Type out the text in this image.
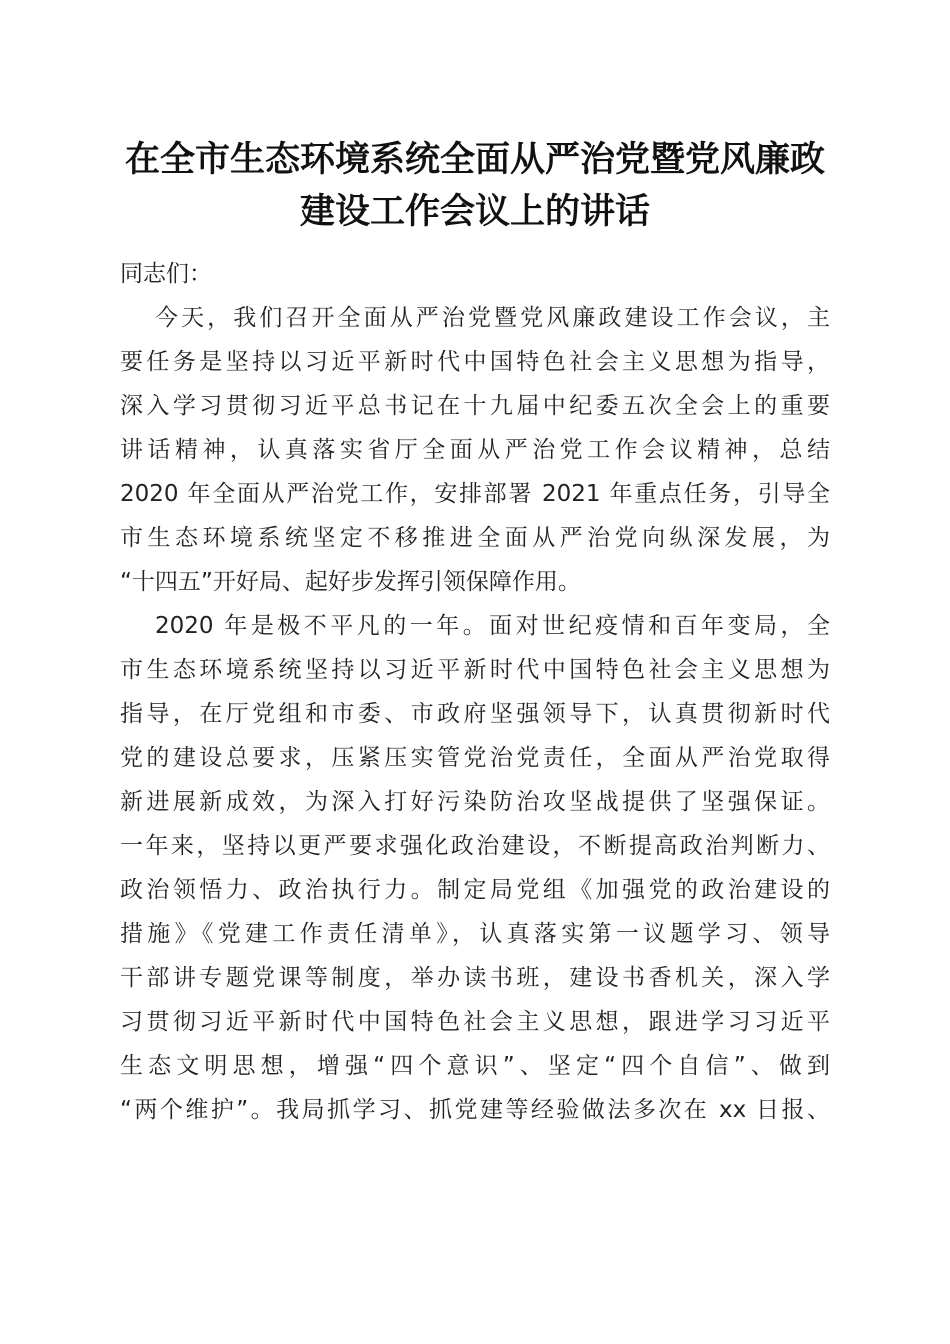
在全市生态环境系统全面从严治党暨党风廉政
建设工作会议上的讲话
同志们：
今天，我们召开全面从严治党暨党风廉政建设工作会议，主
要任务是坚持以习近平新时代中国特色社会主义思想为指导，
深入学习贯彻习近平总书记在十九届中纪委五次全会上的重要
讲话精神，认真落实省厅全面从严治党工作会议精神，总结
2020 年全面从严治党工作，安排部署 2021 年重点任务，引导全
市生态环境系统坚定不移推进全面从严治党向纵深发展，为
“十四五”开好局、起好步发挥引领保障作用。
2020 年是极不平凡的一年。面对世纪疫情和百年变局，全
市生态环境系统坚持以习近平新时代中国特色社会主义思想为
指导，在厅党组和市委、市政府坚强领导下，认真贯彻新时代
党的建设总要求，压紧压实管党治党责任，全面从严治党取得
新进展新成效，为深入打好污染防治攻坚战提供了坚强保证。
一年来，坚持以更严要求强化政治建设，不断提高政治判断力、
政治领悟力、政治执行力。制定局党组《加强党的政治建设的
措施》《党建工作责任清单》，认真落实第一议题学习、领导
干部讲专题党课等制度，举办读书班，建设书香机关，深入学
习贯彻习近平新时代中国特色社会主义思想，跟进学习习近平
生态文明思想，增强“四个意识”、坚定“四个自信”、做到
“两个维护”。我局抓学习、抓党建等经验做法多次在 xx 日报、
